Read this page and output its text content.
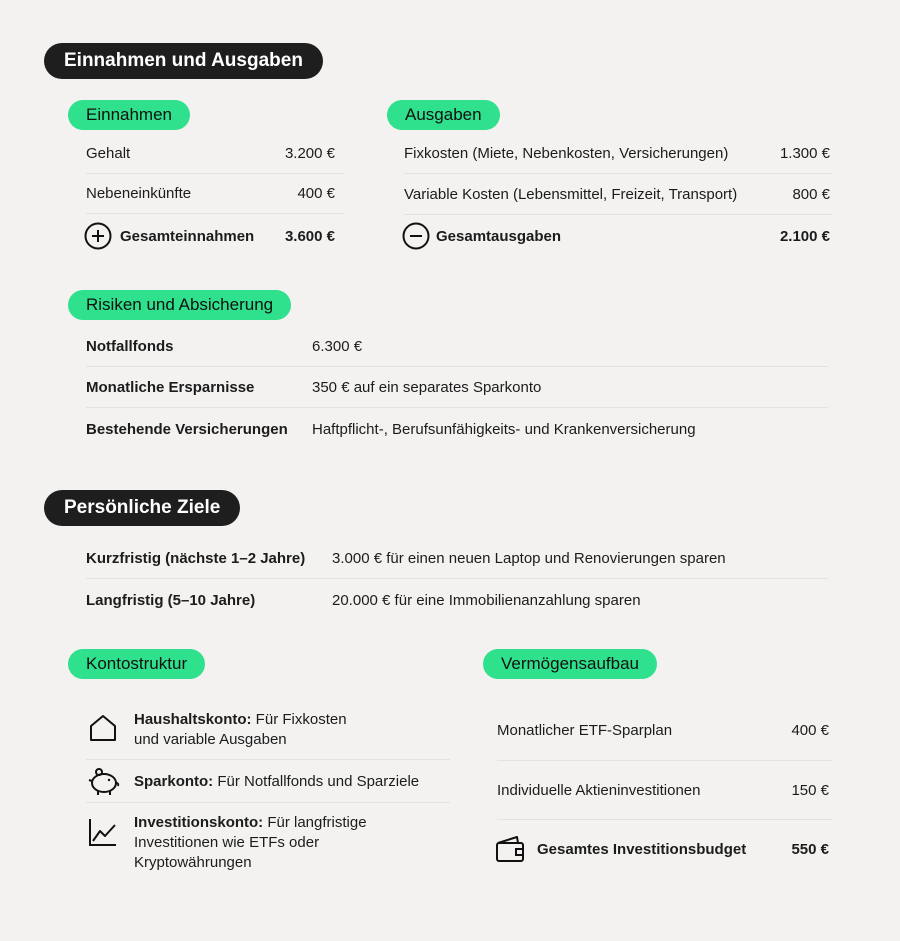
Einnahmen und Ausgaben
Einnahmen
Gehalt	3.200 €
Nebeneinkünfte	400 €
Gesamteinnahmen	3.600 €
Ausgaben
Fixkosten (Miete, Nebenkosten, Versicherungen)	1.300 €
Variable Kosten (Lebensmittel, Freizeit, Transport)	800 €
Gesamtausgaben	2.100 €
Risiken und Absicherung
Notfallfonds	6.300 €
Monatliche Ersparnisse	350 € auf ein separates Sparkonto
Bestehende Versicherungen	Haftpflicht-, Berufsunfähigkeits- und Krankenversicherung
Persönliche Ziele
Kurzfristig (nächste 1–2 Jahre)	3.000 € für einen neuen Laptop und Renovierungen sparen
Langfristig (5–10 Jahre)	20.000 € für eine Immobilienanzahlung sparen
Kontostruktur
Haushaltskonto: Für Fixkosten
und variable Ausgaben
Sparkonto: Für Notfallfonds und Sparziele
Investitionskonto: Für langfristige
Investitionen wie ETFs oder
Kryptowährungen
Vermögensaufbau
Monatlicher ETF-Sparplan	400 €
Individuelle Aktieninvestitionen	150 €
Gesamtes Investitionsbudget	550 €
